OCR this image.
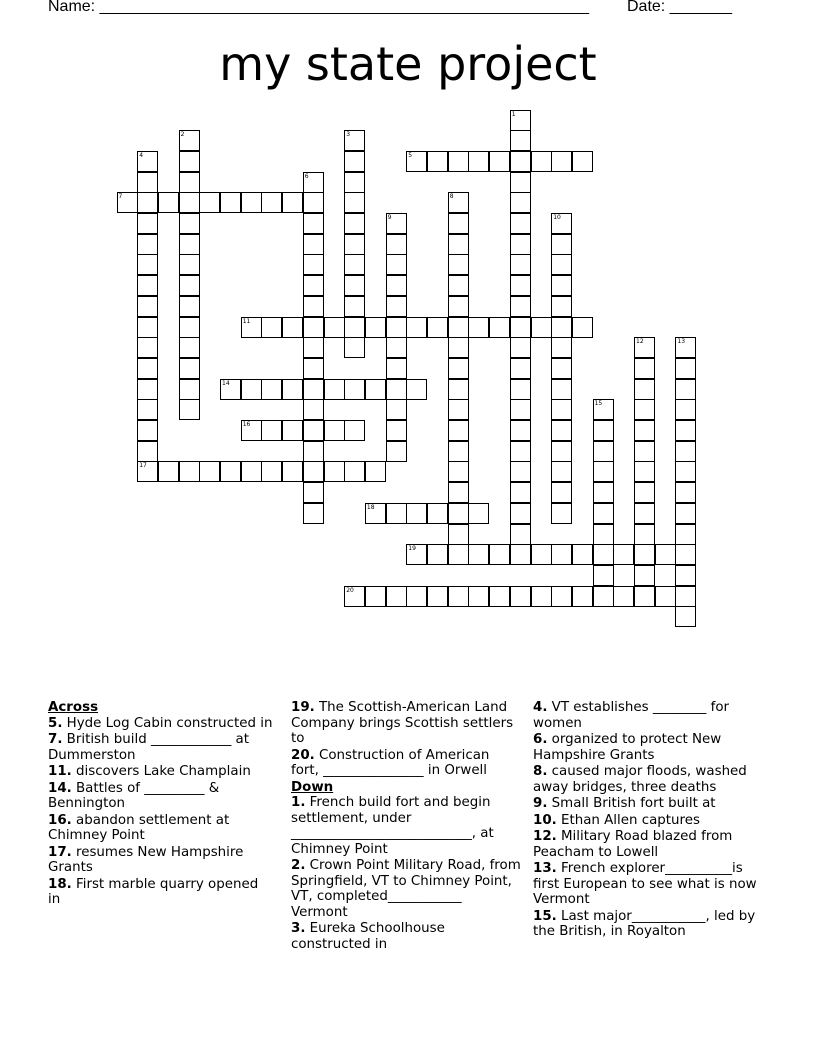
Name: _______________________________________________________ Date: _______
my state project
1
2	3
4	5
6
7	8
9	10
11
12	13
14
15
16
17
18
19
20
Across
5. Hyde Log Cabin constructed in
7. British build ____________ at Dummerston
11. discovers Lake Champlain
14. Battles of _________ & Bennington
16. abandon settlement at Chimney Point
17. resumes New Hampshire Grants
18. First marble quarry opened in
19. The Scottish-American Land Company brings Scottish settlers to
20. Construction of American fort, _______________ in Orwell
Down
1. French build fort and begin settlement, under ___________________________, at Chimney Point
2. Crown Point Military Road, from Springfield, VT to Chimney Point, VT, completed___________ Vermont
3. Eureka Schoolhouse constructed in
4. VT establishes ________ for women
6. organized to protect New Hampshire Grants
8. caused major floods, washed away bridges, three deaths
9. Small British fort built at
10. Ethan Allen captures
12. Military Road blazed from Peacham to Lowell
13. French explorer__________is first European to see what is now Vermont
15. Last major___________, led by the British, in Royalton
